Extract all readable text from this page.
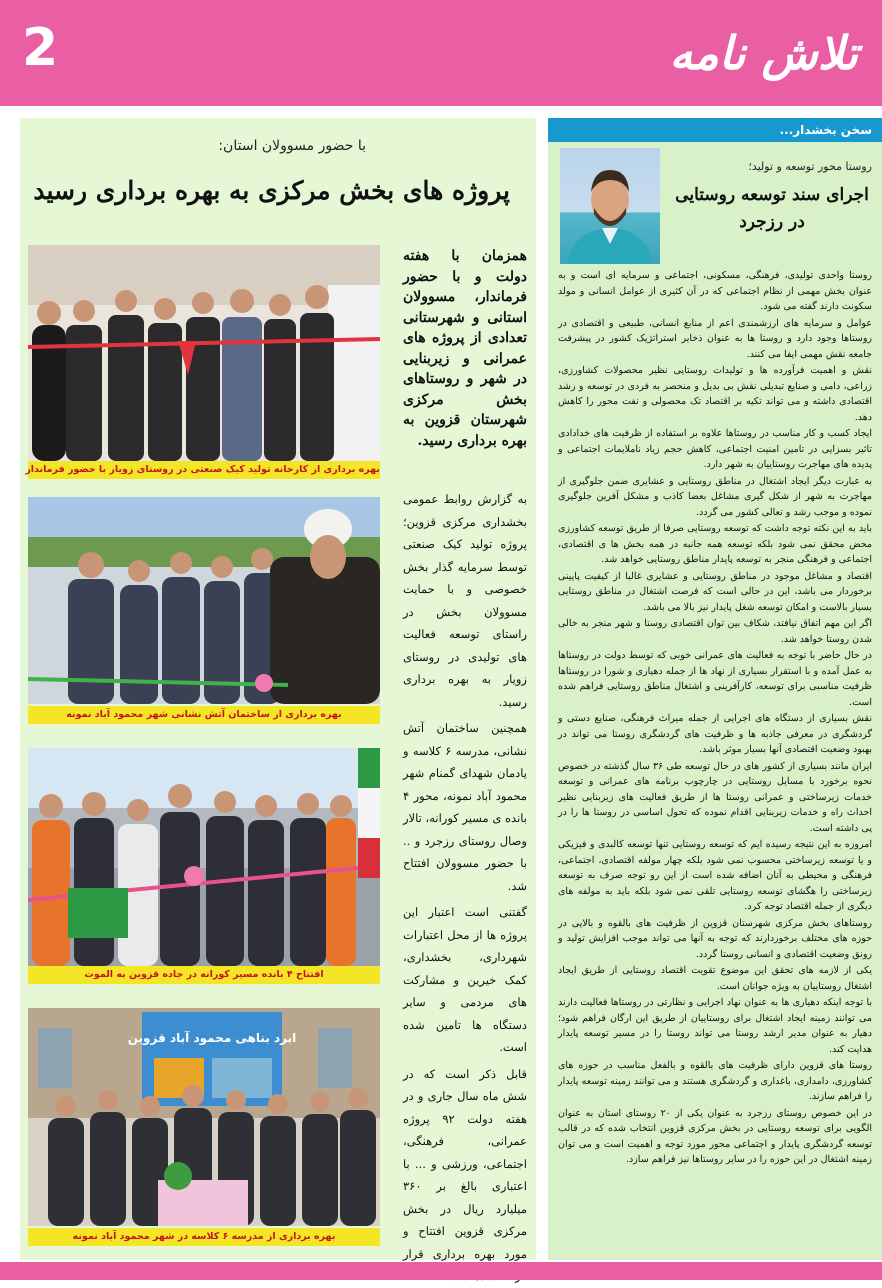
2	تلاش نامه
سخن بخشدار...
روستا محور توسعه و تولید؛
اجرای سند توسعه روستایی در رزجرد

روستا واحدی تولیدی، فرهنگی، مسکونی، اجتماعی و سرمایه ای است و به عنوان بخش مهمی از نظام اجتماعی که در آن کثیری از عوامل انسانی و مولد سکونت دارند گفته می شود.

عوامل و سرمایه های ارزشمندی اعم از منابع انسانی، طبیعی و اقتصادی در روستاها وجود دارد و روستا ها به عنوان ذخایر استراتژیک کشور در پیشرفت جامعه نقش مهمی ایفا می کنند.

نقش و اهمیت فرآورده ها و تولیدات روستایی نظیر محصولات کشاورزی، زراعی، دامی و صنایع تبدیلی نقش بی بدیل و منحصر به فردی در توسعه و رشد اقتصادی داشته و می تواند تکیه بر اقتصاد تک محصولی و نفت محور را کاهش دهد.

ایجاد کسب و کار مناسب در روستاها علاوه بر استفاده از ظرفیت های خدادادی تاثیر بسزایی در تامین امنیت اجتماعی، کاهش حجم زیاد ناملایمات اجتماعی و پدیده های مهاجرت روستاییان به شهر دارد.

به عبارت دیگر ایجاد اشتغال در مناطق روستایی و عشایری ضمن جلوگیری از مهاجرت به شهر از شکل گیری مشاغل بعضا کاذب و مشکل آفرین جلوگیری نموده و موجب رشد و تعالی کشور می گردد.

باید به این نکته توجه داشت که توسعه روستایی صرفا از طریق توسعه کشاورزی محض محقق نمی شود بلکه توسعه همه جانبه در همه بخش ها ی اقتصادی، اجتماعی و فرهنگی منجر به توسعه پایدار مناطق روستایی خواهد شد.

اقتصاد و مشاغل موجود در مناطق روستایی و عشایری غالبا از کیفیت پایینی برخوردار می باشد، این در حالی است که فرصت اشتغال در مناطق روستایی بسیار بالاست و امکان توسعه شغل پایدار نیز بالا می باشد.

اگر این مهم اتفاق نیافتد، شکاف بین توان اقتصادی روستا و شهر منجر به خالی شدن روستا خواهد شد.

در حال حاضر با توجه به فعالیت های عمرانی خوبی که توسط دولت در روستاها به عمل آمده و با استقرار بسیاری از نهاد ها از جمله دهیاری و شورا در روستاها ظرفیت مناسبی برای توسعه، کارآفرینی و اشتغال مناطق روستایی فراهم شده است.

نقش بسیاری از دستگاه های اجرایی از جمله میراث فرهنگی، صنایع دستی و گردشگری در معرفی جاذبه ها و ظرفیت های گردشگری روستا می تواند در بهبود وضعیت اقتصادی آنها بسیار موثر باشد.

ایران مانند بسیاری از کشور های در حال توسعه طی ۳۶ سال گذشته در خصوص نحوه برخورد با مسایل روستایی در چارچوب برنامه های عمرانی و توسعه خدمات زیرساختی و عمرانی روستا ها از طریق فعالیت های زیربنایی نظیر احداث راه و خدمات زیربنایی اقدام نموده که تحول اساسی در روستا ها را در پی داشته است.

امروزه به این نتیجه رسیده ایم که توسعه روستایی تنها توسعه کالبدی و فیزیکی و یا توسعه زیرساختی محسوب نمی شود بلکه چهار مولفه اقتصادی، اجتماعی، فرهنگی و محیطی به آنان اضافه شده است از این رو توجه صرف به توسعه زیرساختی را هگشای توسعه روستایی تلقی نمی شود بلکه باید به مولفه های دیگری از جمله اقتصاد توجه کرد.

روستاهای بخش مرکزی شهرستان قزوین از ظرفیت های بالقوه و بالایی در حوزه های مختلف برخوردارند که توجه به آنها می تواند موجب افزایش تولید و رونق وضعیت اقتصادی و انسانی روستا گردد.

یکی از لازمه های تحقق این موضوع تقویت اقتصاد روستایی از طریق ایجاد اشتغال روستاییان به ویژه جوانان است.

با توجه اینکه دهیاری ها به عنوان نهاد اجرایی و نظارتی در روستاها فعالیت دارند می توانند زمینه ایجاد اشتغال برای روستاییان از طریق این ارگان فراهم شود؛ دهیار به عنوان مدیر ارشد روستا می تواند روستا را در مسیر توسعه پایدار هدایت کند.

روستا های قزوین دارای ظرفیت های بالقوه و بالفعل مناسب در حوزه های کشاورزی، دامداری، باغداری و گردشگری هستند و می توانند زمینه توسعه پایدار را فراهم سازند.

در این خصوص روستای رزجرد به عنوان یکی از ۲۰ روستای استان به عنوان الگویی برای توسعه روستایی در بخش مرکزی قزوین انتخاب شده که در قالب توسعه گردشگری پایدار و اجتماعی محور مورد توجه و اهمیت است و می توان زمینه اشتغال در این حوزه را در سایر روستاها نیز فراهم سازد.

با حضور مسوولان استان:
پروژه های بخش مرکزی به بهره برداری رسید
همزمان با هفته دولت و با حضور فرماندار، مسوولان استانی و شهرستانی تعدادی از پروژه های عمرانی و زیربنایی در شهر و روستاهای بخش مرکزی شهرستان قزوین به بهره برداری رسید.

به گزارش روابط عمومی بخشداری مرکزی قزوین؛ پروژه تولید کیک صنعتی توسط سرمایه گذار بخش خصوصی و با حمایت مسوولان بخش در راستای توسعه فعالیت های تولیدی در روستای زویار به بهره برداری رسید.

همچنین ساختمان آتش نشانی، مدرسه ۶ کلاسه و یادمان شهدای گمنام شهر محمود آباد نمونه، محور ۴ بانده ی مسیر کورانه، تالار وصال روستای رزجرد و .. با حضور مسوولان افتتاح شد.

گفتنی است اعتبار این پروژه ها از محل اعتبارات شهرداری، بخشداری، کمک خیرین و مشارکت های مردمی و سایر دستگاه ها تامین شده است.

قابل ذکر است که در شش ماه سال جاری و در هفته دولت ۹۲ پروژه عمرانی، فرهنگی، اجتماعی، ورزشی و ... با اعتباری بالغ بر ۳۶۰ میلیارد ریال در بخش مرکزی قزوین افتتاح و مورد بهره برداری قرار

بهره برداری از کارخانه تولید کیک صنعتی در روستای زویار با حضور فرماندار
بهره برداری از ساختمان آتش نشانی شهر محمود آباد نمونه
افتتاح ۴ بانده مسیر کورانه در جاده قزوین به الموت
ابرد بناهی محمود آباد قزوین
بهره برداری از مدرسه ۶ کلاسه در شهر محمود آباد نمونه
